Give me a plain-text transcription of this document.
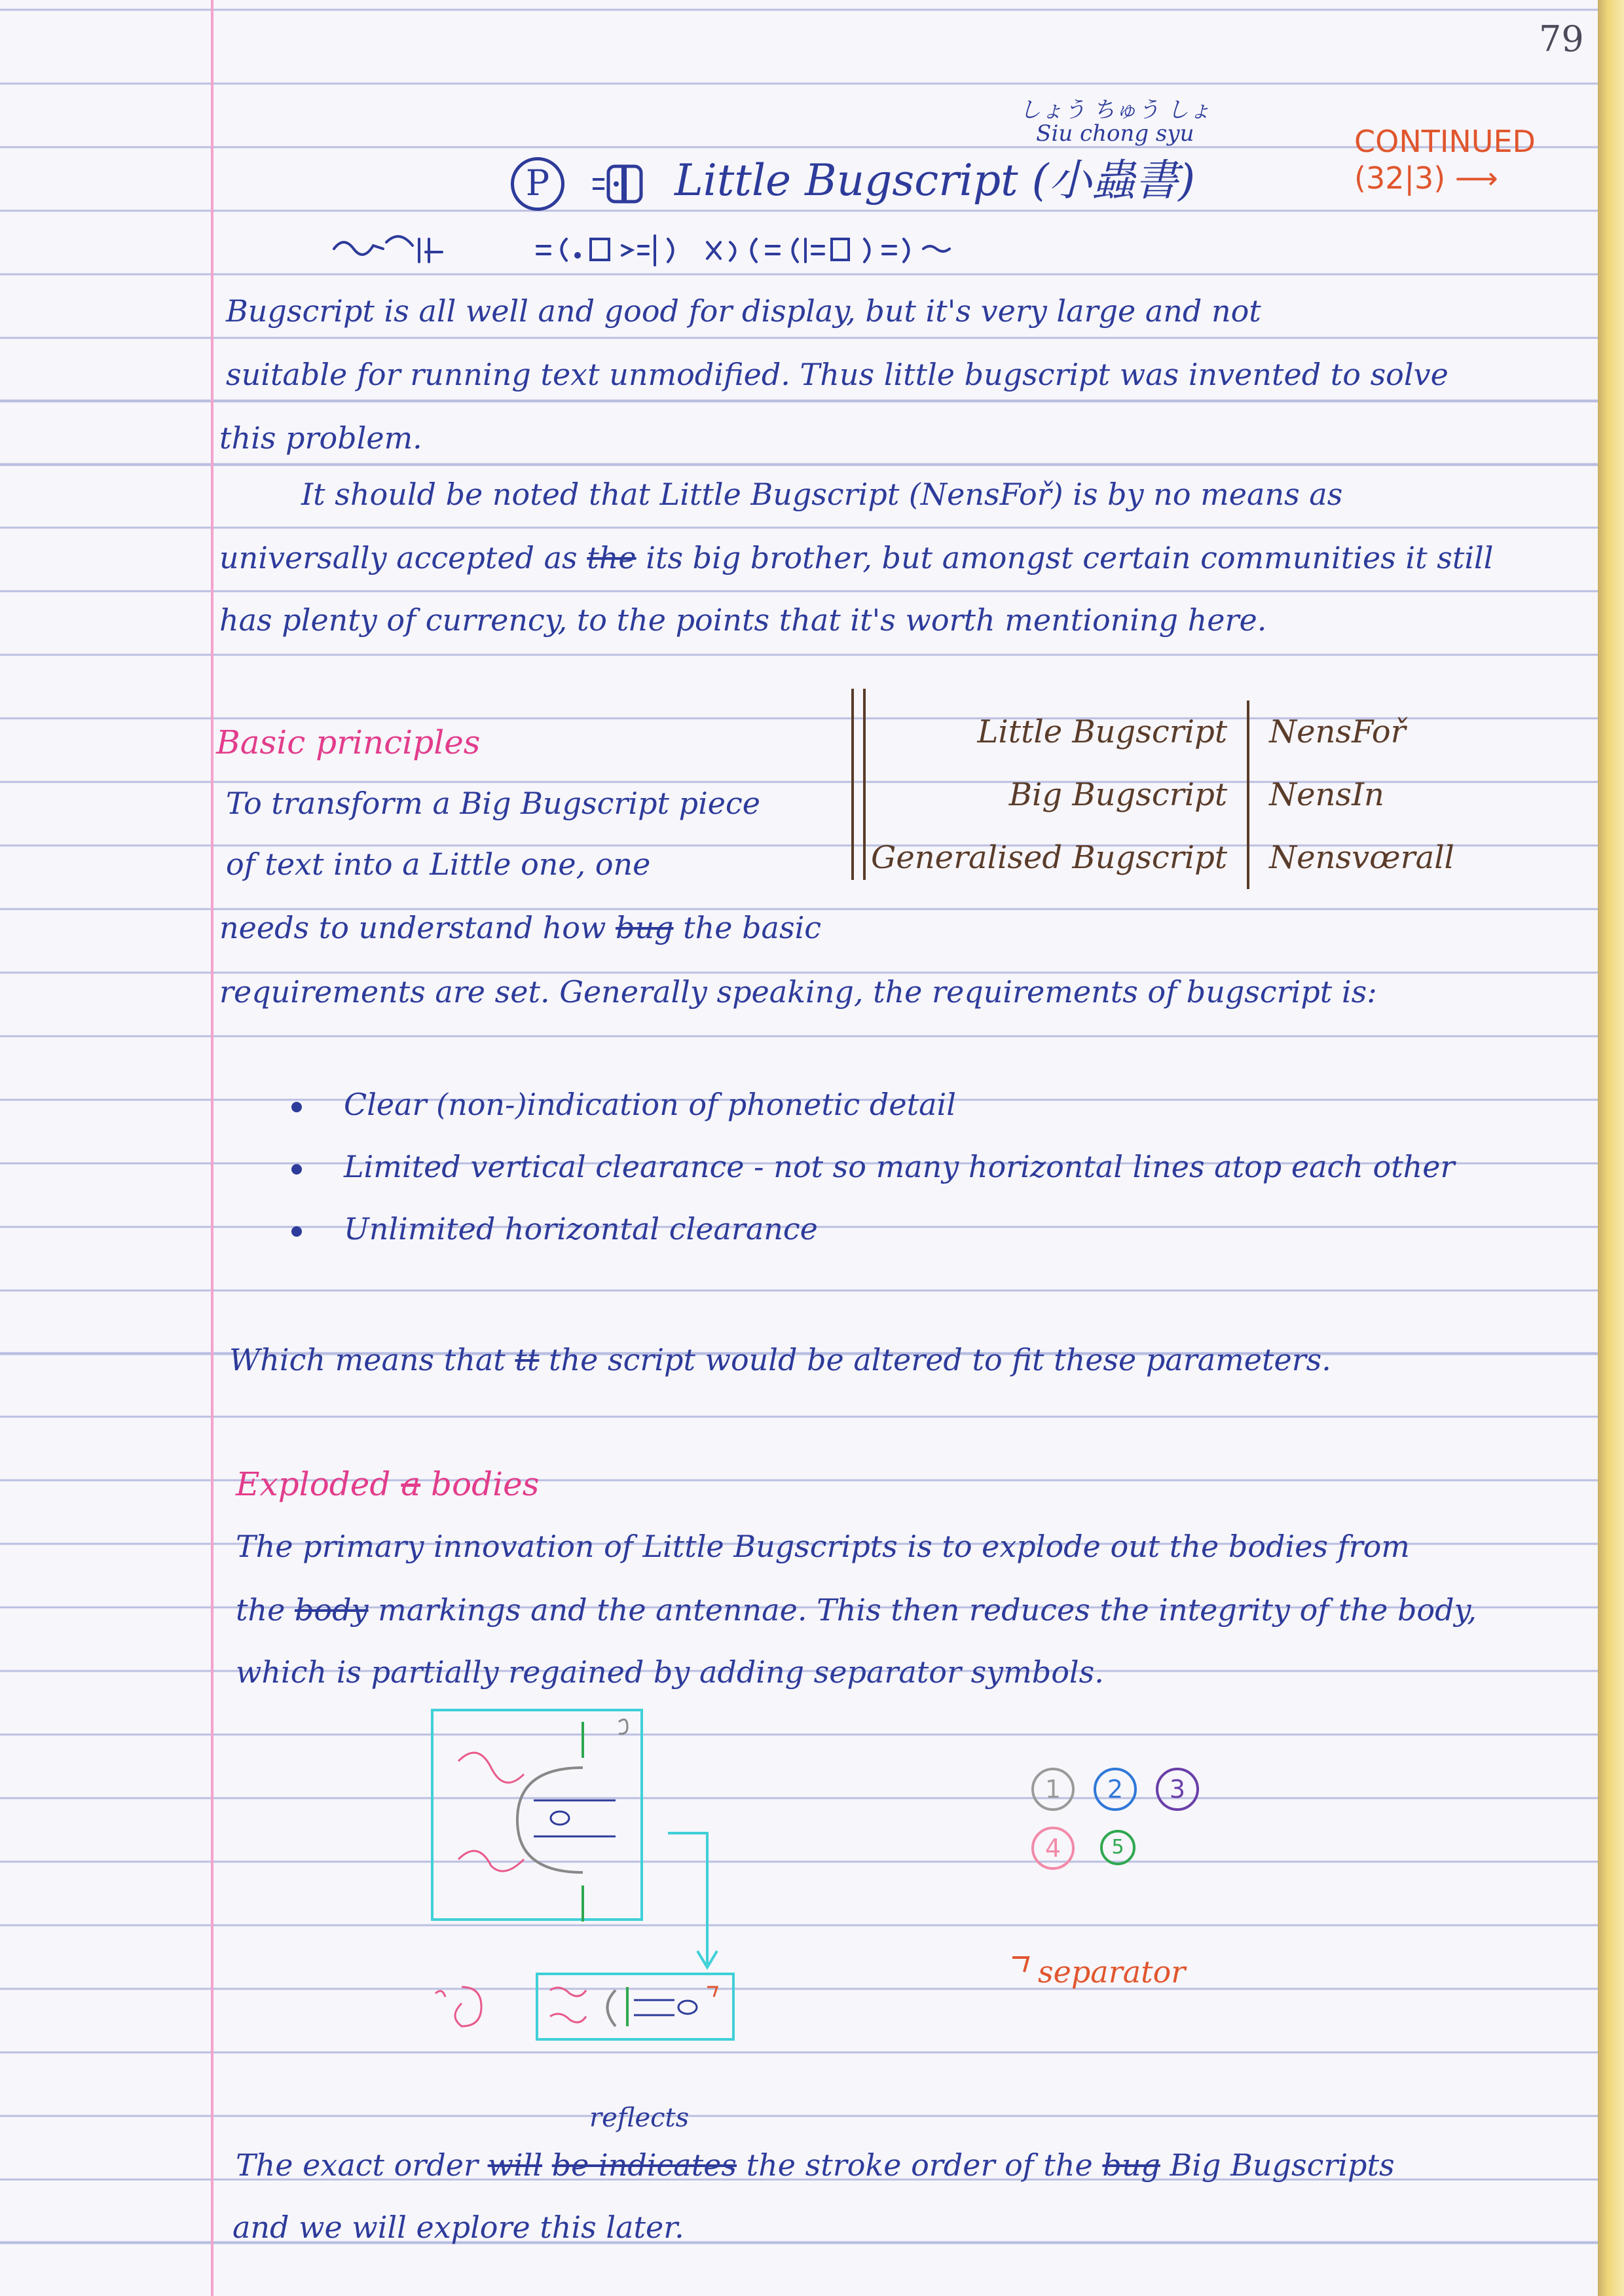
79
しょう ちゅう しょ
Siu chong syu
P	Little Bugscript (小蟲書)
CONTINUED
(32|3) ⟶
Bugscript is all well and good for display, but it's very large and not
suitable for running text unmodified. Thus little bugscript was invented to solve
this problem.
It should be noted that Little Bugscript (NensFoř) is by no means as
universally accepted as the its big brother, but amongst certain communities it still
has plenty of currency, to the points that it's worth mentioning here.
Basic principles
To transform a Big Bugscript piece
of text into a Little one, one
needs to understand how bug the basic
requirements are set. Generally speaking, the requirements of bugscript is:
Little Bugscript	NensFoř
Big Bugscript	NensIn
Generalised Bugscript	Nensvœrall
Clear (non-)indication of phonetic detail
Limited vertical clearance - not so many horizontal lines atop each other
Unlimited horizontal clearance
Which means that tt the script would be altered to fit these parameters.
Exploded a bodies
The primary innovation of Little Bugscripts is to explode out the bodies from
the body markings and the antennae. This then reduces the integrity of the body,
which is partially regained by adding separator symbols.
1	2	3
4	5
separator
reflects
The exact order will be indicates the stroke order of the bug Big Bugscripts
and we will explore this later.
